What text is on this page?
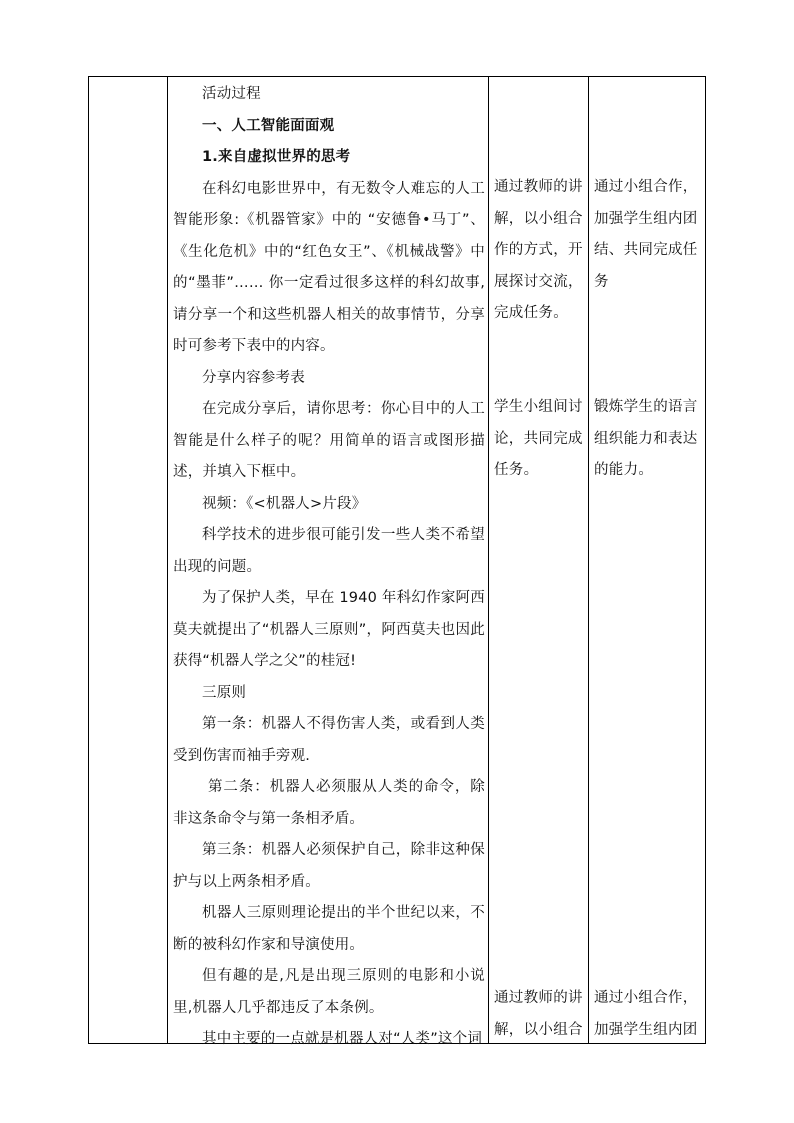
活动过程

一、人工智能面面观

1.来自虚拟世界的思考

在科幻电影世界中，有无数令人难忘的人工智能形象:《机器管家》中的 “安德鲁•马丁”、《生化危机》中的“红色女王”、《机械战警》中的“墨菲”…… 你一定看过很多这样的科幻故事,请分享一个和这些机器人相关的故事情节，分享时可参考下表中的内容。

分享内容参考表

在完成分享后，请你思考：你心目中的人工智能是什么样子的呢？用简单的语言或图形描述，并填入下框中。

视频：《<机器人>片段》

科学技术的进步很可能引发一些人类不希望出现的问题。

为了保护人类，早在 1940 年科幻作家阿西莫夫就提出了“机器人三原则”，阿西莫夫也因此获得“机器人学之父”的桂冠!

三原则

第一条：机器人不得伤害人类，或看到人类受到伤害而袖手旁观.

第二条：机器人必须服从人类的命令，除非这条命令与第一条相矛盾。

第三条：机器人必须保护自己，除非这种保护与以上两条相矛盾。

机器人三原则理论提出的半个世纪以来，不断的被科幻作家和导演使用。

但有趣的是,凡是出现三原则的电影和小说里,机器人几乎都违反了本条例。

其中主要的一点就是机器人对“人类”这个词

通过教师的讲解，以小组合作的方式，开展探讨交流，完成任务。
学生小组间讨论，共同完成任务。
通过教师的讲解，以小组合
通过小组合作，加强学生组内团结、共同完成任务
锻炼学生的语言组织能力和表达的能力。
通过小组合作，加强学生组内团
